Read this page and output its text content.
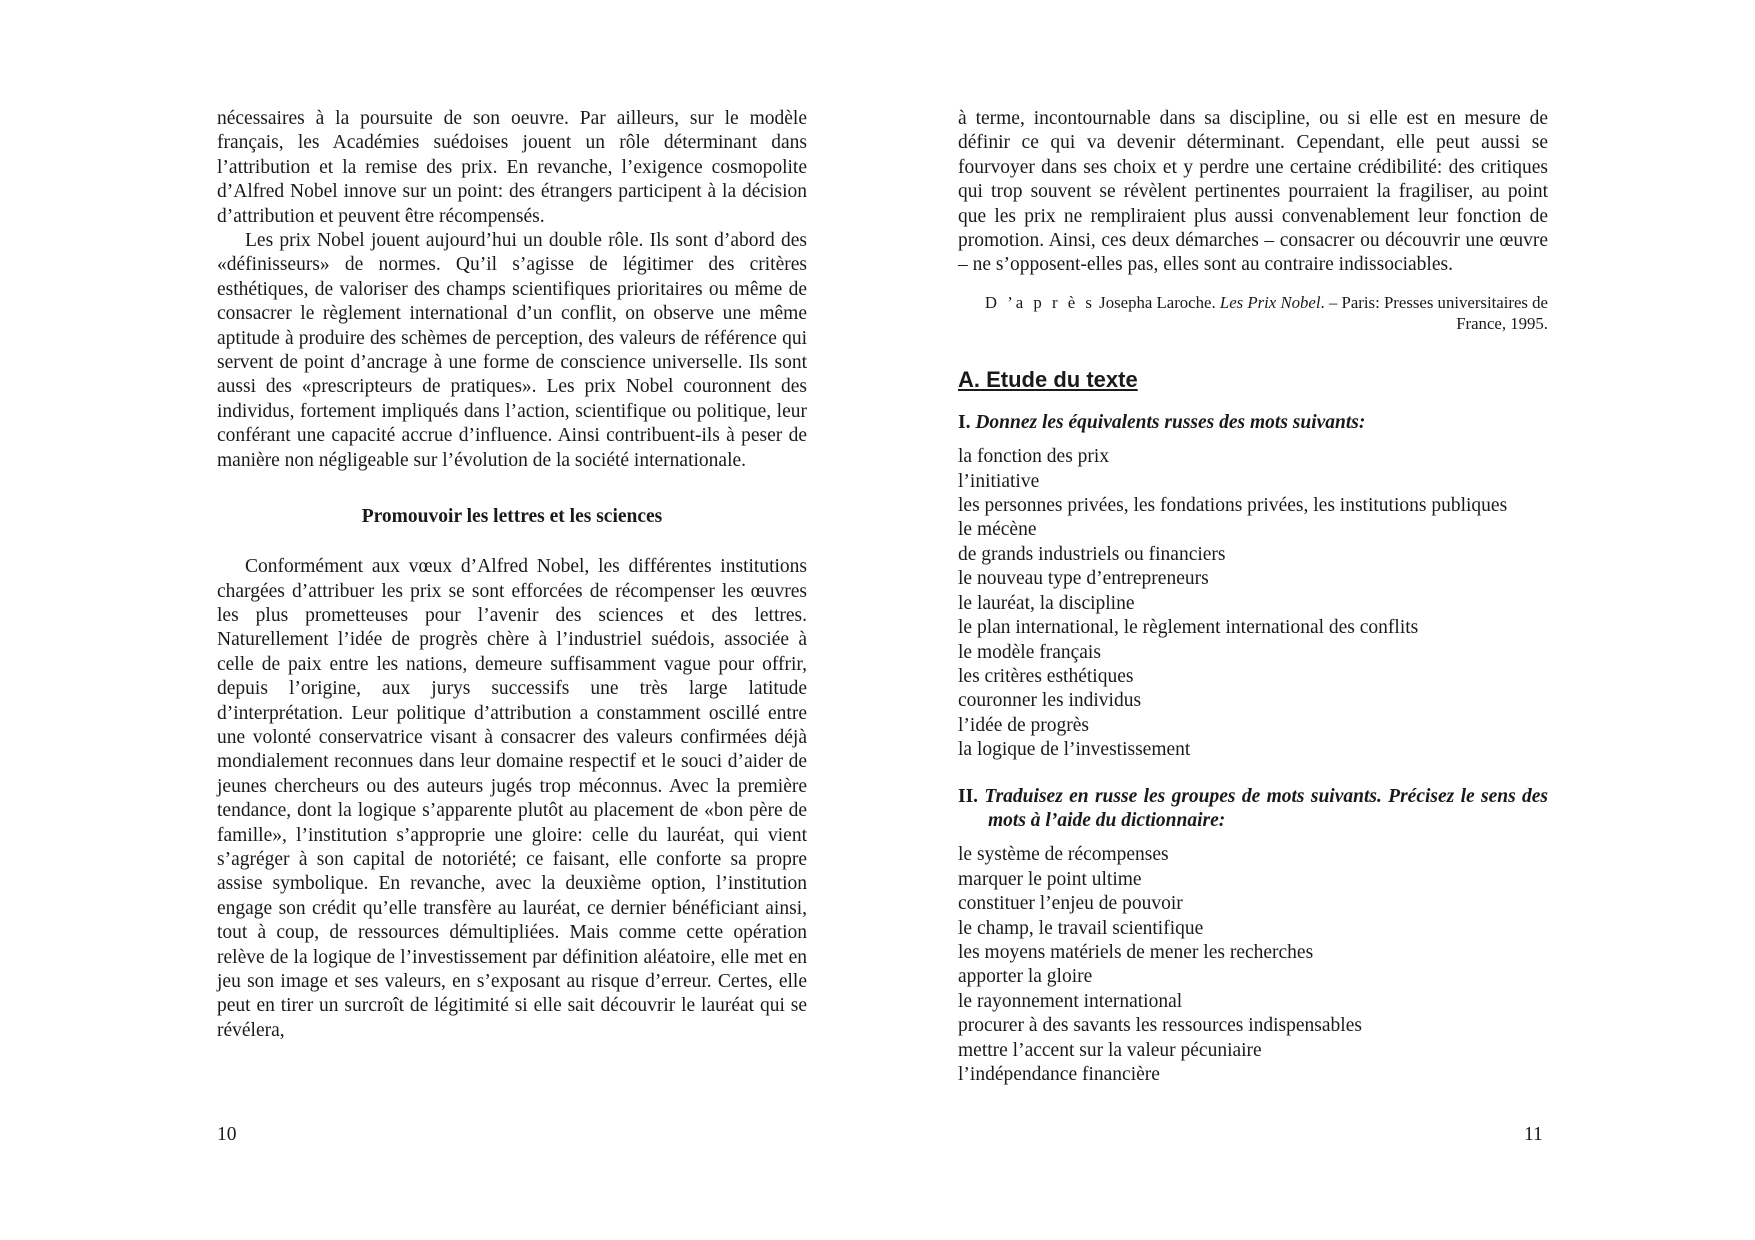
nécessaires à la poursuite de son oeuvre. Par ailleurs, sur le modèle français, les Académies suédoises jouent un rôle déterminant dans l’attribution et la remise des prix. En revanche, l’exigence cosmopolite d’Alfred Nobel innove sur un point: des étrangers participent à la décision d’attribution et peuvent être récompensés.

Les prix Nobel jouent aujourd’hui un double rôle. Ils sont d’abord des «définisseurs» de normes. Qu’il s’agisse de légitimer des critères esthétiques, de valoriser des champs scientifiques prioritaires ou même de consacrer le règlement international d’un conflit, on observe une même aptitude à produire des schèmes de perception, des valeurs de référence qui servent de point d’ancrage à une forme de conscience universelle. Ils sont aussi des «prescripteurs de pratiques». Les prix Nobel couronnent des individus, fortement impliqués dans l’action, scientifique ou politique, leur conférant une capacité accrue d’influence. Ainsi contribuent-ils à peser de manière non négligeable sur l’évolution de la société internationale.

Promouvoir les lettres et les sciences

Conformément aux vœux d’Alfred Nobel, les différentes institutions chargées d’attribuer les prix se sont efforcées de récompenser les œuvres les plus prometteuses pour l’avenir des sciences et des lettres. Naturellement l’idée de progrès chère à l’industriel suédois, associée à celle de paix entre les nations, demeure suffisamment vague pour offrir, depuis l’origine, aux jurys successifs une très large latitude d’interprétation. Leur politique d’attribution a constamment oscillé entre une volonté conservatrice visant à consacrer des valeurs confirmées déjà mondialement reconnues dans leur domaine respectif et le souci d’aider de jeunes chercheurs ou des auteurs jugés trop méconnus. Avec la première tendance, dont la logique s’apparente plutôt au placement de «bon père de famille», l’institution s’approprie une gloire: celle du lauréat, qui vient s’agréger à son capital de notoriété; ce faisant, elle conforte sa propre assise symbolique. En revanche, avec la deuxième option, l’institution engage son crédit qu’elle transfère au lauréat, ce dernier bénéficiant ainsi, tout à coup, de ressources démultipliées. Mais comme cette opération relève de la logique de l’investissement par définition aléatoire, elle met en jeu son image et ses valeurs, en s’exposant au risque d’erreur. Certes, elle peut en tirer un surcroît de légitimité si elle sait découvrir le lauréat qui se révélera,

10

à terme, incontournable dans sa discipline, ou si elle est en mesure de définir ce qui va devenir déterminant. Cependant, elle peut aussi se fourvoyer dans ses choix et y perdre une certaine crédibilité: des critiques qui trop souvent se révèlent pertinentes pourraient la fragiliser, au point que les prix ne rempliraient plus aussi convenablement leur fonction de promotion. Ainsi, ces deux démarches – consacrer ou découvrir une œuvre – ne s’opposent-elles pas, elles sont au contraire indissociables.

D ’a p r è s Josepha Laroche. Les Prix Nobel. – Paris: Presses universitaires de France, 1995.
A. Etude du texte

I. Donnez les équivalents russes des mots suivants:

la fonction des prix
l’initiative
les personnes privées, les fondations privées, les institutions publiques
le mécène
de grands industriels ou financiers
le nouveau type d’entrepreneurs
le lauréat, la discipline
le plan international, le règlement international des conflits
le modèle français
les critères esthétiques
couronner les individus
l’idée de progrès
la logique de l’investissement

II. Traduisez en russe les groupes de mots suivants. Précisez le sens des mots à l’aide du dictionnaire:

le système de récompenses
marquer le point ultime
constituer l’enjeu de pouvoir
le champ, le travail scientifique
les moyens matériels de mener les recherches
apporter la gloire
le rayonnement international
procurer à des savants les ressources indispensables
mettre l’accent sur la valeur pécuniaire
l’indépendance financière
11
